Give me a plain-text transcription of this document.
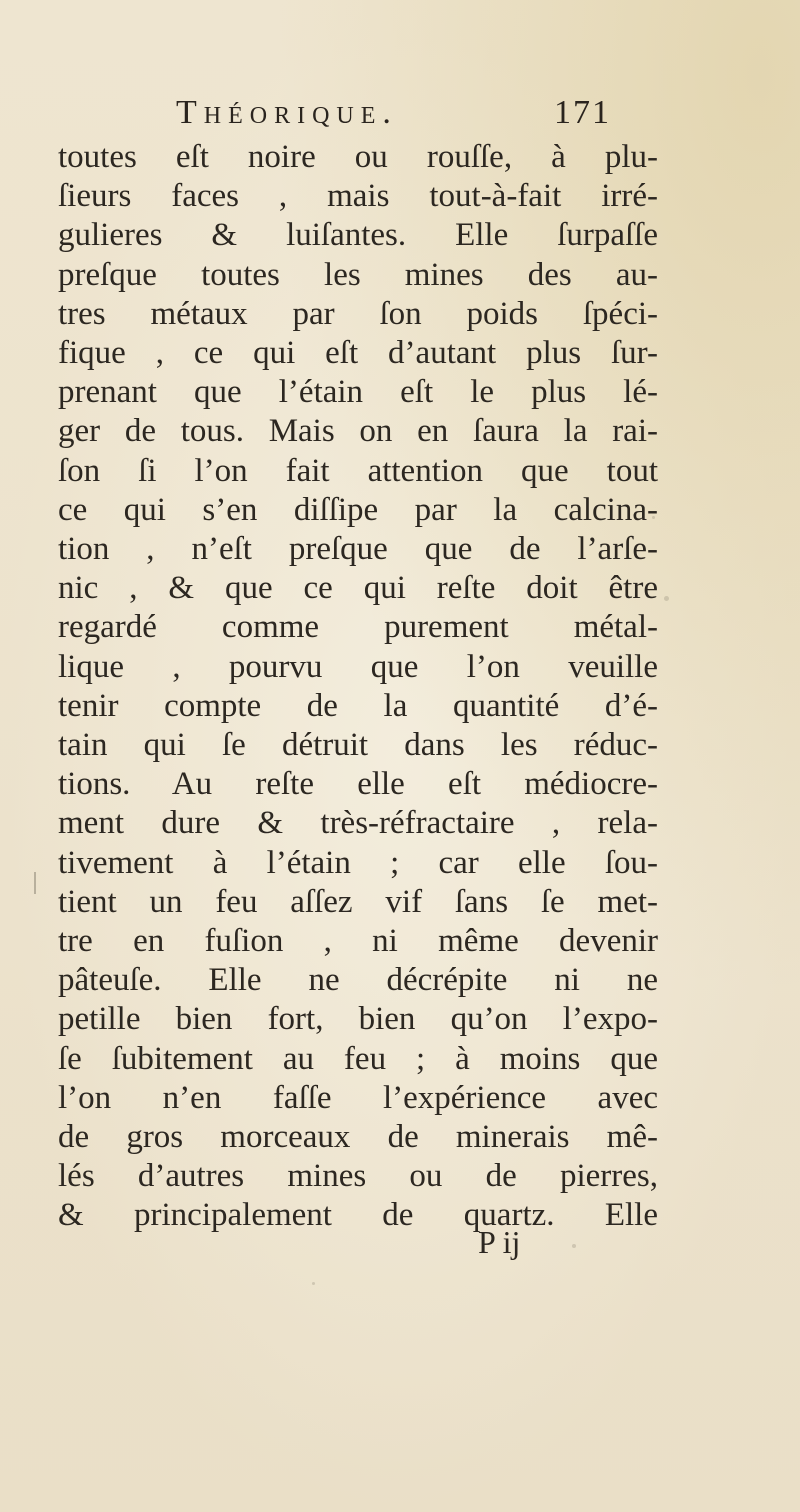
Théorique.	171
toutes eſt noire ou rouſſe, à plu-
ſieurs faces , mais tout-à-fait irré-
gulieres & luiſantes. Elle ſurpaſſe
preſque toutes les mines des au-
tres métaux par ſon poids ſpéci-
fique , ce qui eſt d’autant plus ſur-
prenant que l’étain eſt le plus lé-
ger de tous. Mais on en ſaura la rai-
ſon ſi l’on fait attention que tout
ce qui s’en diſſipe par la calcina-
tion , n’eſt preſque que de l’arſe-
nic , & que ce qui reſte doit être
regardé comme purement métal-
lique , pourvu que l’on veuille
tenir compte de la quantité d’é-
tain qui ſe détruit dans les réduc-
tions. Au reſte elle eſt médiocre-
ment dure & très-réfractaire , rela-
tivement à l’étain ; car elle ſou-
tient un feu aſſez vif ſans ſe met-
tre en fuſion , ni même devenir
pâteuſe. Elle ne décrépite ni ne
petille bien fort, bien qu’on l’expo-
ſe ſubitement au feu ; à moins que
l’on n’en faſſe l’expérience avec
de gros morceaux de minerais mê-
lés d’autres mines ou de pierres,
& principalement de quartz. Elle
P ij
